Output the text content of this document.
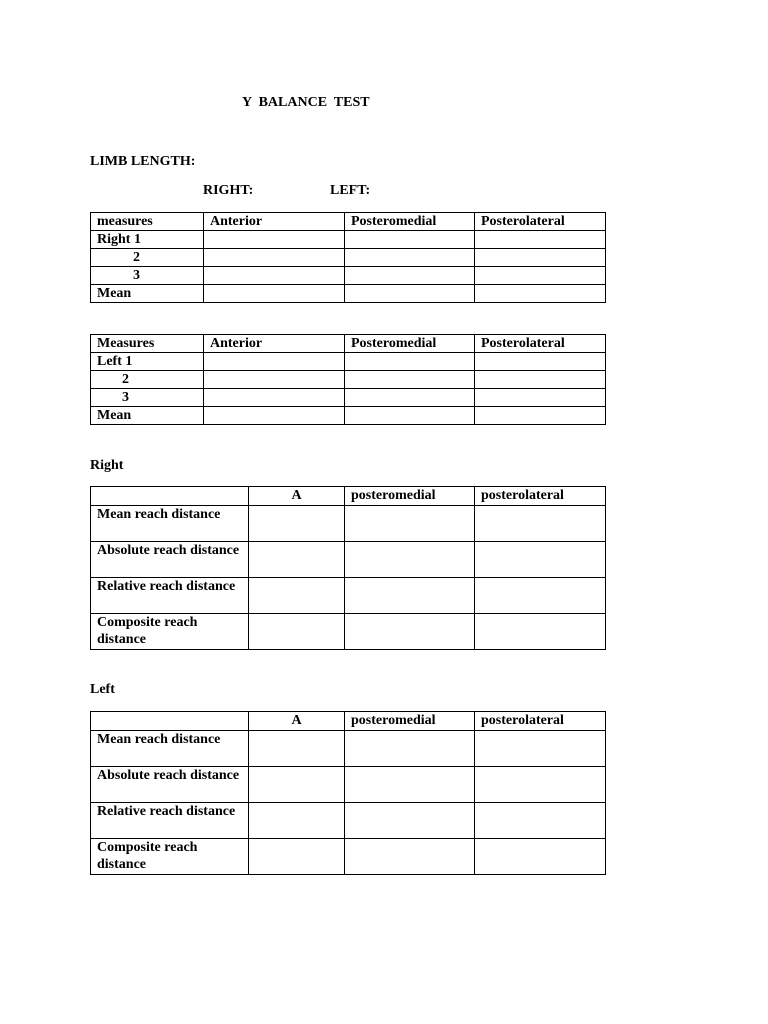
Y  BALANCE  TEST
LIMB LENGTH:
RIGHT:	LEFT:
measures	Anterior	Posteromedial	Posterolateral
Right 1			
2			
3			
Mean			
Measures	Anterior	Posteromedial	Posterolateral
Left 1			
2			
3			
Mean			
Right
	A	posteromedial	posterolateral
Mean reach distance			
Absolute reach distance			
Relative reach distance			
Composite reach distance			
Left
	A	posteromedial	posterolateral
Mean reach distance			
Absolute reach distance			
Relative reach distance			
Composite reach distance			
